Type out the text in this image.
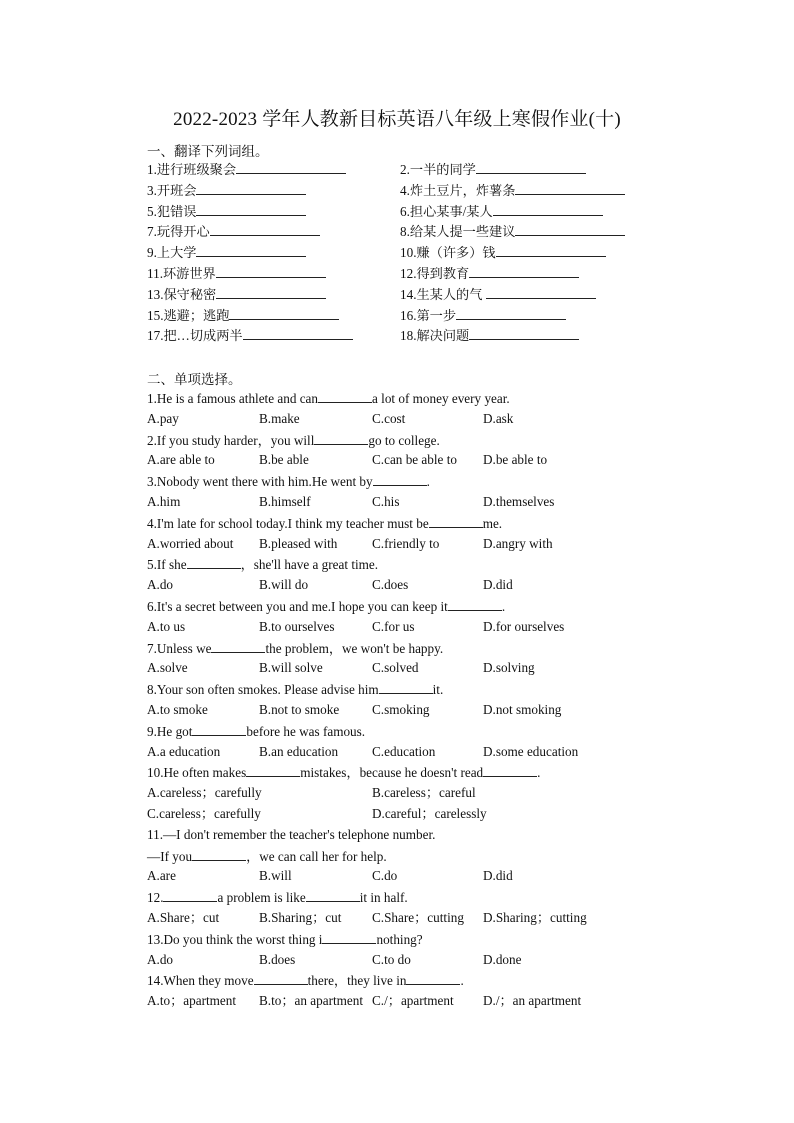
2022-2023 学年人教新目标英语八年级上寒假作业(十)
一、翻译下列词组。
1.进行班级聚会	2.一半的同学
3.开班会	4.炸土豆片，炸薯条
5.犯错误	6.担心某事/某人
7.玩得开心	8.给某人提一些建议
9.上大学	10.赚（许多）钱
11.环游世界	12.得到教育
13.保守秘密	14.生某人的气
15.逃避；逃跑	16.第一步
17.把…切成两半	18.解决问题
二、单项选择。
1.He is a famous athlete and can	a lot of money every year.
A.pay	B.make	C.cost	D.ask
2.If you study harder，you will	go to college.
A.are able to	B.be able	C.can be able to D.be able to
3.Nobody went there with him.He went by	.
A.him	B.himself	C.his	D.themselves
4.I'm late for school today.I think my teacher must be	me.
A.worried about B.pleased with	C.friendly to	D.angry with
5.If she	，she'll have a great time.
A.do	B.will do	C.does	D.did
6.It's a secret between you and me.I hope you can keep it	.
A.to us	B.to ourselves	C.for us	D.for ourselves
7.Unless we	the problem，we won't be happy.
A.solve	B.will solve	C.solved	D.solving
8.Your son often smokes. Please advise him	it.
A.to smoke	B.not to smoke C.smoking	D.not smoking
9.He got	before he was famous.
A.a education	B.an education	C.education	D.some education
10.He often makes	mistakes，because he doesn't read	.
A.careless；carefully	B.careless；careful
C.careless；carefully	D.careful；carelessly
11.—I don't remember the teacher's telephone number.
—If you	，we can call her for help.
A.are	B.will	C.do	D.did
12.	a problem is like	it in half.
A.Share；cut	B.Sharing；cut C.Share；cutting D.Sharing；cutting
13.Do you think the worst thing i	nothing?
A.do	B.does	C.to do	D.done
14.When they move	there，they live in	.
A.to；apartment B.to；an apartment C./；apartment D./；an apartment
